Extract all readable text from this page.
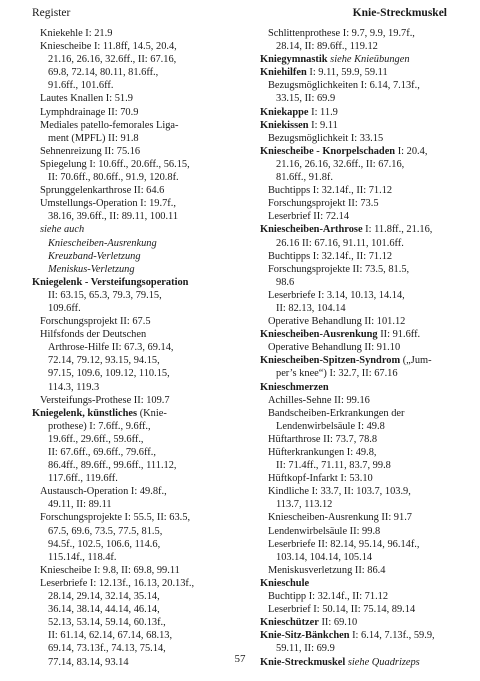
Register	Knie-Streckmuskel
Kniekehle I: 21.9
Kniescheibe I: 11.8ff, 14.5, 20.4,
21.16, 26.16, 32.6ff., II: 67.16,
69.8, 72.14, 80.11, 81.6ff.,
91.6ff., 101.6ff.
Lautes Knallen I: 51.9
Lymphdrainage II: 70.9
Mediales patello-femorales Liga-
ment (MPFL) II: 91.8
Sehnenreizung II: 75.16
Spiegelung I: 10.6ff., 20.6ff., 56.15,
II: 70.6ff., 80.6ff., 91.9, 120.8f.
Sprunggelenkarthrose II: 64.6
Umstellungs-Operation I: 19.7f.,
38.16, 39.6ff., II: 89.11, 100.11
siehe auch
Kniescheiben-Ausrenkung
Kreuzband-Verletzung
Meniskus-Verletzung
Kniegelenk - Versteifungsoperation
II: 63.15, 65.3, 79.3, 79.15,
109.6ff.
Forschungsprojekt II: 67.5
Hilfsfonds der Deutschen
Arthrose-Hilfe II: 67.3, 69.14,
72.14, 79.12, 93.15, 94.15,
97.15, 109.6, 109.12, 110.15,
114.3, 119.3
Versteifungs-Prothese II: 109.7
Kniegelenk, künstliches (Knie-
prothese) I: 7.6ff., 9.6ff.,
19.6ff., 29.6ff., 59.6ff.,
II: 67.6ff., 69.6ff., 79.6ff.,
86.4ff., 89.6ff., 99.6ff., 111.12,
117.6ff., 119.6ff.
Austausch-Operation I: 49.8f.,
49.11, II: 89.11
Forschungsprojekte I: 55.5, II: 63.5,
67.5, 69.6, 73.5, 77.5, 81.5,
94.5f., 102.5, 106.6, 114.6,
115.14f., 118.4f.
Kniescheibe I: 9.8, II: 69.8, 99.11
Leserbriefe I: 12.13f., 16.13, 20.13f.,
28.14, 29.14, 32.14, 35.14,
36.14, 38.14, 44.14, 46.14,
52.13, 53.14, 59.14, 60.13f.,
II: 61.14, 62.14, 67.14, 68.13,
69.14, 73.13f., 74.13, 75.14,
77.14, 83.14, 93.14
Schlittenprothese I: 9.7, 9.9, 19.7f.,
28.14, II: 89.6ff., 119.12
Kniegymnastik siehe Knieübungen
Kniehilfen I: 9.11, 59.9, 59.11
Bezugsmöglichkeiten I: 6.14, 7.13f.,
33.15, II: 69.9
Kniekappe I: 11.9
Kniekissen I: 9.11
Bezugsmöglichkeit I: 33.15
Kniescheibe - Knorpelschaden I: 20.4,
21.16, 26.16, 32.6ff., II: 67.16,
81.6ff., 91.8f.
Buchtipps I: 32.14f., II: 71.12
Forschungsprojekt II: 73.5
Leserbrief II: 72.14
Kniescheiben-Arthrose I: 11.8ff., 21.16,
26.16 II: 67.16, 91.11, 101.6ff.
Buchtipps I: 32.14f., II: 71.12
Forschungsprojekte II: 73.5, 81.5,
98.6
Leserbriefe I: 3.14, 10.13, 14.14,
II: 82.13, 104.14
Operative Behandlung II: 101.12
Kniescheiben-Ausrenkung II: 91.6ff.
Operative Behandlung II: 91.10
Kniescheiben-Spitzen-Syndrom („Jum-
per’s knee“) I: 32.7, II: 67.16
Knieschmerzen
Achilles-Sehne II: 99.16
Bandscheiben-Erkrankungen der
Lendenwirbelsäule I: 49.8
Hüftarthrose II: 73.7, 78.8
Hüfterkrankungen I: 49.8,
II: 71.4ff., 71.11, 83.7, 99.8
Hüftkopf-Infarkt I: 53.10
Kindliche I: 33.7, II: 103.7, 103.9,
113.7, 113.12
Kniescheiben-Ausrenkung II: 91.7
Lendenwirbelsäule II: 99.8
Leserbriefe II: 82.14, 95.14, 96.14f.,
103.14, 104.14, 105.14
Meniskusverletzung II: 86.4
Knieschule
Buchtipp I: 32.14f., II: 71.12
Leserbrief I: 50.14, II: 75.14, 89.14
Knieschützer II: 69.10
Knie-Sitz-Bänkchen I: 6.14, 7.13f., 59.9,
59.11, II: 69.9
Knie-Streckmuskel siehe Quadrizeps
57
